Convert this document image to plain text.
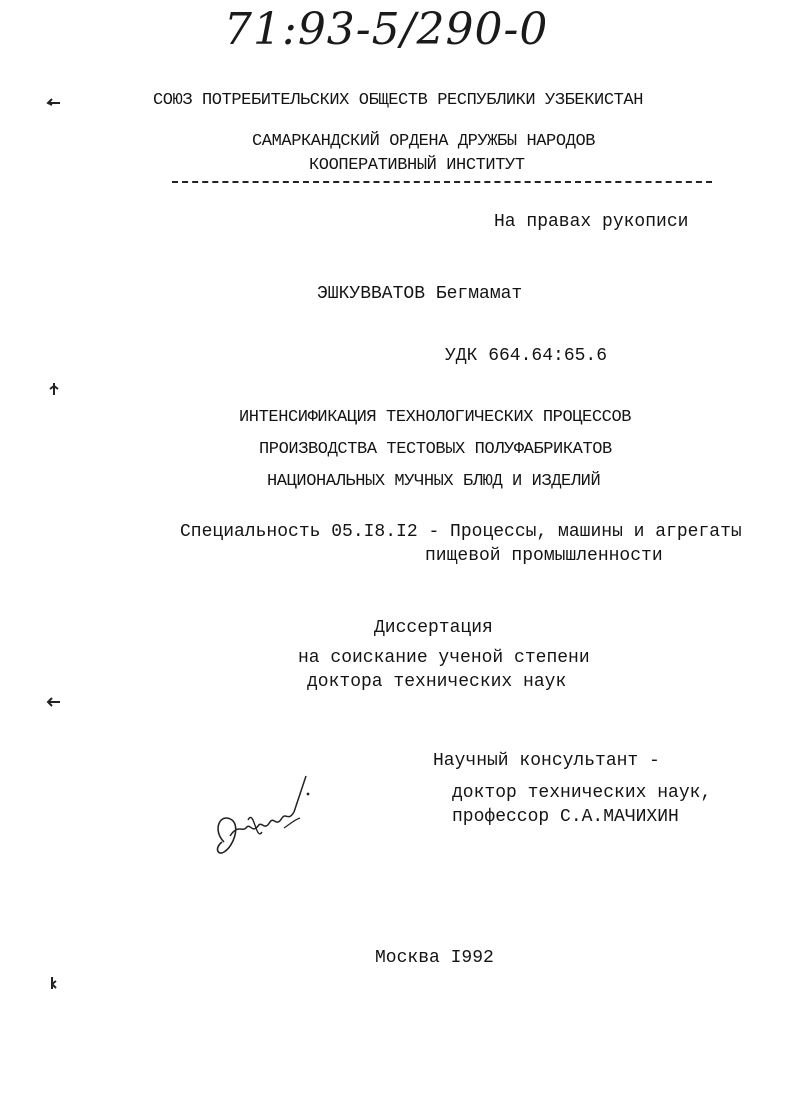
71:93-5/290-0
СОЮЗ ПОТРЕБИТЕЛЬСКИХ ОБЩЕСТВ РЕСПУБЛИКИ УЗБЕКИСТАН
САМАРКАНДСКИЙ ОРДЕНА ДРУЖБЫ НАРОДОВ
КООПЕРАТИВНЫЙ ИНСТИТУТ
На правах рукописи
ЭШКУВВАТОВ Бегмамат
УДК 664.64:65.6
ИНТЕНСИФИКАЦИЯ ТЕХНОЛОГИЧЕСКИХ ПРОЦЕССОВ
ПРОИЗВОДСТВА ТЕСТОВЫХ ПОЛУФАБРИКАТОВ
НАЦИОНАЛЬНЫХ МУЧНЫХ БЛЮД И ИЗДЕЛИЙ
Специальность 05.I8.I2 - Процессы, машины и агрегаты
пищевой промышленности
Диссертация
на соискание ученой степени
доктора технических наук
Научный консультант -
доктор технических наук,
профессор С.А.МАЧИХИН
Москва I992
